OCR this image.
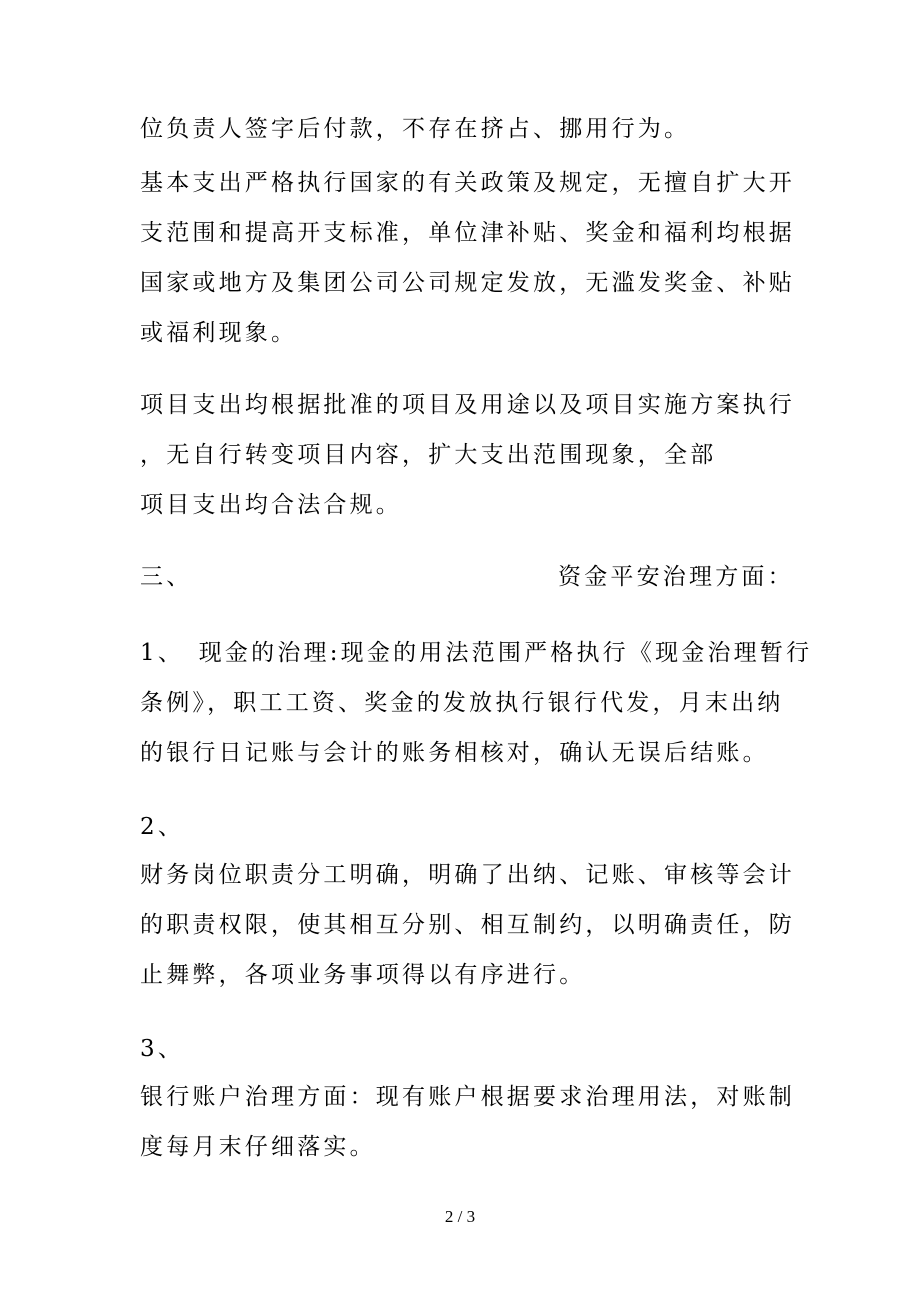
位负责人签字后付款，不存在挤占、挪用行为。
基本支出严格执行国家的有关政策及规定，无擅自扩大开
支范围和提高开支标准，单位津补贴、奖金和福利均根据
国家或地方及集团公司公司规定发放，无滥发奖金、补贴
或福利现象。
项目支出均根据批准的项目及用途以及项目实施方案执行
，无自行转变项目内容，扩大支出范围现象，全部
项目支出均合法合规。
三、	资金平安治理方面：
1、　现金的治理:现金的用法范围严格执行《现金治理暂行
条例》，职工工资、奖金的发放执行银行代发，月末出纳
的银行日记账与会计的账务相核对，确认无误后结账。
2、
财务岗位职责分工明确，明确了出纳、记账、审核等会计
的职责权限，使其相互分别、相互制约，以明确责任，防
止舞弊，各项业务事项得以有序进行。
3、
银行账户治理方面：现有账户根据要求治理用法，对账制
度每月末仔细落实。
2 / 3
